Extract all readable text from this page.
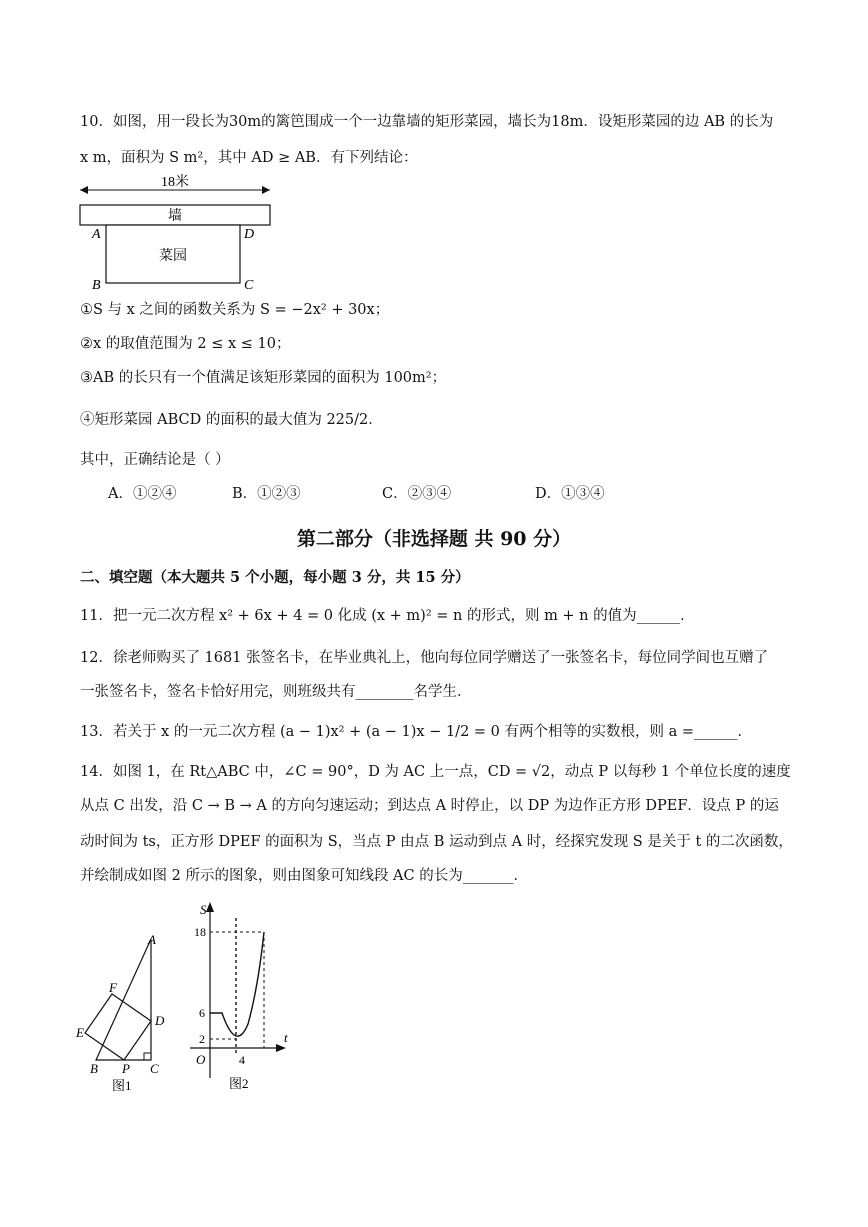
10．如图，用一段长为30m的篱笆围成一个一边靠墙的矩形菜园，墙长为18m．设矩形菜园的边 AB 的长为
x m，面积为 S m²，其中 AD ≥ AB．有下列结论：
18米
墙
菜园
A	D
B	C
①S 与 x 之间的函数关系为 S = −2x² + 30x；
②x 的取值范围为 2 ≤ x ≤ 10；
③AB 的长只有一个值满足该矩形菜园的面积为 100m²；
④矩形菜园 ABCD 的面积的最大值为 225/2．
其中，正确结论是（ ）
A．①②④	B．①②③	C．②③④	D．①③④
第二部分（非选择题 共 90 分）
二、填空题（本大题共 5 个小题，每小题 3 分，共 15 分）
11．把一元二次方程 x² + 6x + 4 = 0 化成 (x + m)² = n 的形式，则 m + n 的值为______．
12．徐老师购买了 1681 张签名卡，在毕业典礼上，他向每位同学赠送了一张签名卡，每位同学间也互赠了
一张签名卡，签名卡恰好用完，则班级共有________名学生．
13．若关于 x 的一元二次方程 (a − 1)x² + (a − 1)x − 1/2 = 0 有两个相等的实数根，则 a =______．
14．如图 1，在 Rt△ABC 中，∠C = 90°，D 为 AC 上一点，CD = √2，动点 P 以每秒 1 个单位长度的速度
从点 C 出发，沿 C → B → A 的方向匀速运动；到达点 A 时停止，以 DP 为边作正方形 DPEF．设点 P 的运
动时间为 ts，正方形 DPEF 的面积为 S，当点 P 由点 B 运动到点 A 时，经探究发现 S 是关于 t 的二次函数，
并绘制成如图 2 所示的图象，则由图象可知线段 AC 的长为_______．
A
D
F
E
B P C
图1
S
t
O
18
6
2
4
图2
